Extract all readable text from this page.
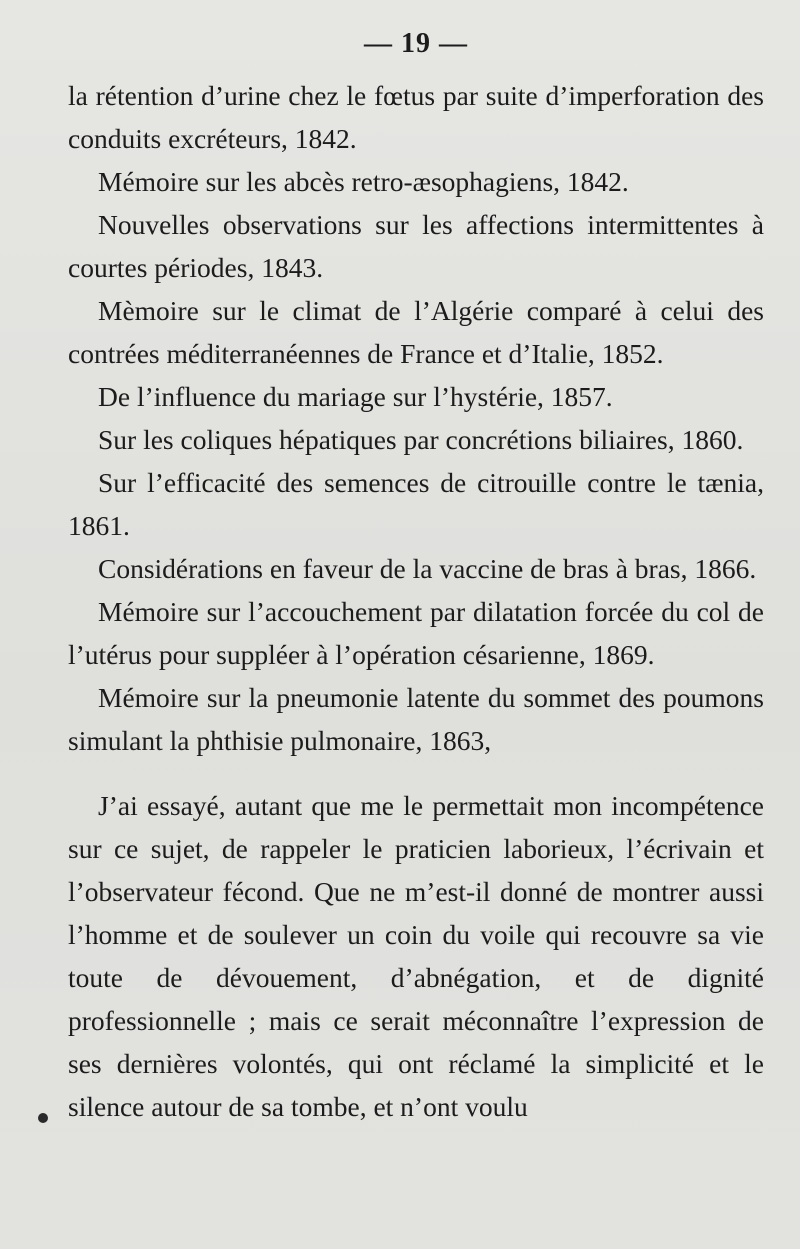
— 19 —

la rétention d’urine chez le fœtus par suite d’imperforation des conduits excréteurs, 1842.

Mémoire sur les abcès retro-æsophagiens, 1842.

Nouvelles observations sur les affections intermittentes à courtes périodes, 1843.

Mèmoire sur le climat de l’Algérie comparé à celui des contrées méditerranéennes de France et d’Italie, 1852.

De l’influence du mariage sur l’hystérie, 1857.

Sur les coliques hépatiques par concrétions biliaires, 1860.

Sur l’efficacité des semences de citrouille contre le tænia, 1861.

Considérations en faveur de la vaccine de bras à bras, 1866.

Mémoire sur l’accouchement par dilatation forcée du col de l’utérus pour suppléer à l’opération césarienne, 1869.

Mémoire sur la pneumonie latente du sommet des poumons simulant la phthisie pulmonaire, 1863,

J’ai essayé, autant que me le permettait mon incompétence sur ce sujet, de rappeler le praticien laborieux, l’écrivain et l’observateur fécond. Que ne m’est-il donné de montrer aussi l’homme et de soulever un coin du voile qui recouvre sa vie toute de dévouement, d’abnégation, et de dignité professionnelle ; mais ce serait méconnaître l’expression de ses dernières volontés, qui ont réclamé la simplicité et le silence autour de sa tombe, et n’ont voulu
